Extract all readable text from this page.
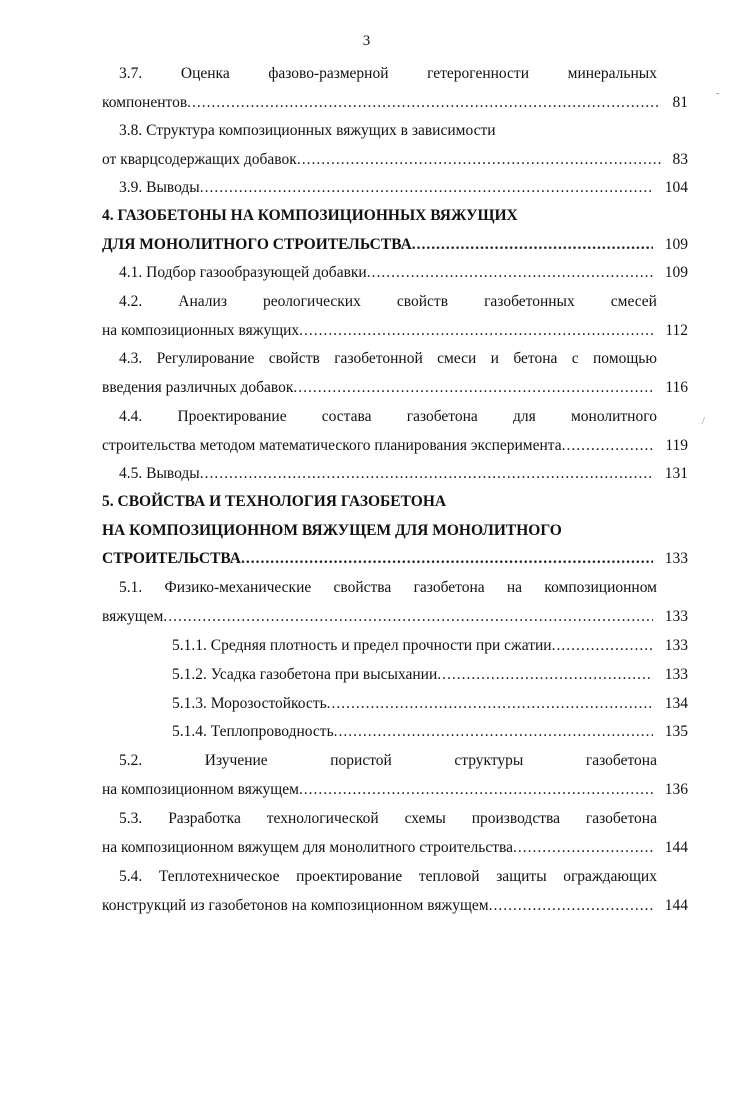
3
3.7. Оценка фазово-размерной гетерогенности минеральных
компонентов .....	81
3.8. Структура композиционных вяжущих в зависимости
от кварцсодержащих добавок .....	83
3.9. Выводы .....	104
4. ГАЗОБЕТОНЫ НА КОМПОЗИЦИОННЫХ ВЯЖУЩИХ
ДЛЯ МОНОЛИТНОГО СТРОИТЕЛЬСТВА .....	109
4.1. Подбор газообразующей добавки .....	109
4.2. Анализ реологических свойств газобетонных смесей
на композиционных вяжущих .....	112
4.3. Регулирование свойств газобетонной смеси и бетона с помощью
введения различных добавок .....	116
4.4. Проектирование состава газобетона для монолитного
строительства методом математического планирования эксперимента .....	119
4.5. Выводы .....	131
5. СВОЙСТВА И ТЕХНОЛОГИЯ ГАЗОБЕТОНА
НА КОМПОЗИЦИОННОМ ВЯЖУЩЕМ ДЛЯ МОНОЛИТНОГО
СТРОИТЕЛЬСТВА .....	133
5.1. Физико-механические свойства газобетона на композиционном
вяжущем .....	133
5.1.1. Средняя плотность и предел прочности при сжатии .....	133
5.1.2. Усадка газобетона при высыхании .....	133
5.1.3. Морозостойкость .....	134
5.1.4. Теплопроводность .....	135
5.2.	Изучение	пористой	структуры	газобетона
на композиционном вяжущем .....	136
5.3. Разработка технологической схемы производства газобетона
на композиционном вяжущем для монолитного строительства .....	144
5.4. Теплотехническое проектирование тепловой защиты ограждающих
конструкций из газобетонов на композиционном вяжущем .....	144
-
/
